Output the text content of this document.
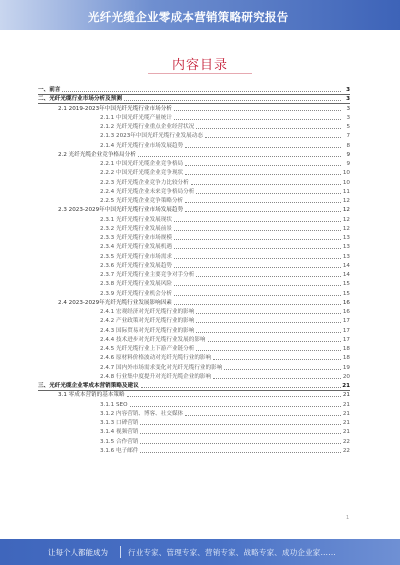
光纤光缆企业零成本营销策略研究报告
内容目录
一、前言	3
二、光纤光缆行业市场分析及预测	3
2.1 2019-2023年中国光纤光缆行业市场分析	3
2.1.1 中国光纤光缆产量统计	3
2.1.2 光纤光缆行业重点企业经营状况	5
2.1.3 2023年中国光纤光缆行业发展动态	7
2.1.4 光纤光缆行业市场发展趋势	8
2.2 光纤光缆企业竞争格局分析	9
2.2.1 中国光纤光缆企业竞争格局	9
2.2.2 中国光纤光缆企业竞争现状	10
2.2.3 光纤光缆企业竞争力比较分析	10
2.2.4 光纤光缆企业未来竞争格局分析	11
2.2.5 光纤光缆企业竞争策略分析	12
2.3 2023-2029年中国光纤光缆行业市场发展趋势	12
2.3.1 光纤光缆行业发展现状	12
2.3.2 光纤光缆行业发展前景	12
2.3.3 光纤光缆行业市场规模	13
2.3.4 光纤光缆行业发展机遇	13
2.3.5 光纤光缆行业市场需求	13
2.3.6 光纤光缆行业发展趋势	14
2.3.7 光纤光缆行业主要竞争对手分析	14
2.3.8 光纤光缆行业发展风险	15
2.3.9 光纤光缆行业机会分析	15
2.4 2023-2029年光纤光缆行业发展影响因素	16
2.4.1 宏观经济对光纤光缆行业的影响	16
2.4.2 产业政策对光纤光缆行业的影响	17
2.4.3 国际贸易对光纤光缆行业的影响	17
2.4.4 技术进步对光纤光缆行业发展的影响	17
2.4.5 光纤光缆行业上下游产业链分析	18
2.4.6 原材料价格波动对光纤光缆行业的影响	18
2.4.7 国内外市场需求变化对光纤光缆行业的影响	19
2.4.8 行业集中度提升对光纤光缆企业的影响	20
三、光纤光缆企业零成本营销策略及建议	21
3.1 零成本营销的基本策略	21
3.1.1 SEO	21
3.1.2 内容营销、博客、社交媒体	21
3.1.3 口碑营销	21
3.1.4 视频营销	21
3.1.5 合作营销	22
3.1.6 电子邮件	22
1
让每个人都能成为	行业专家、管理专家、营销专家、战略专家、成功企业家……
